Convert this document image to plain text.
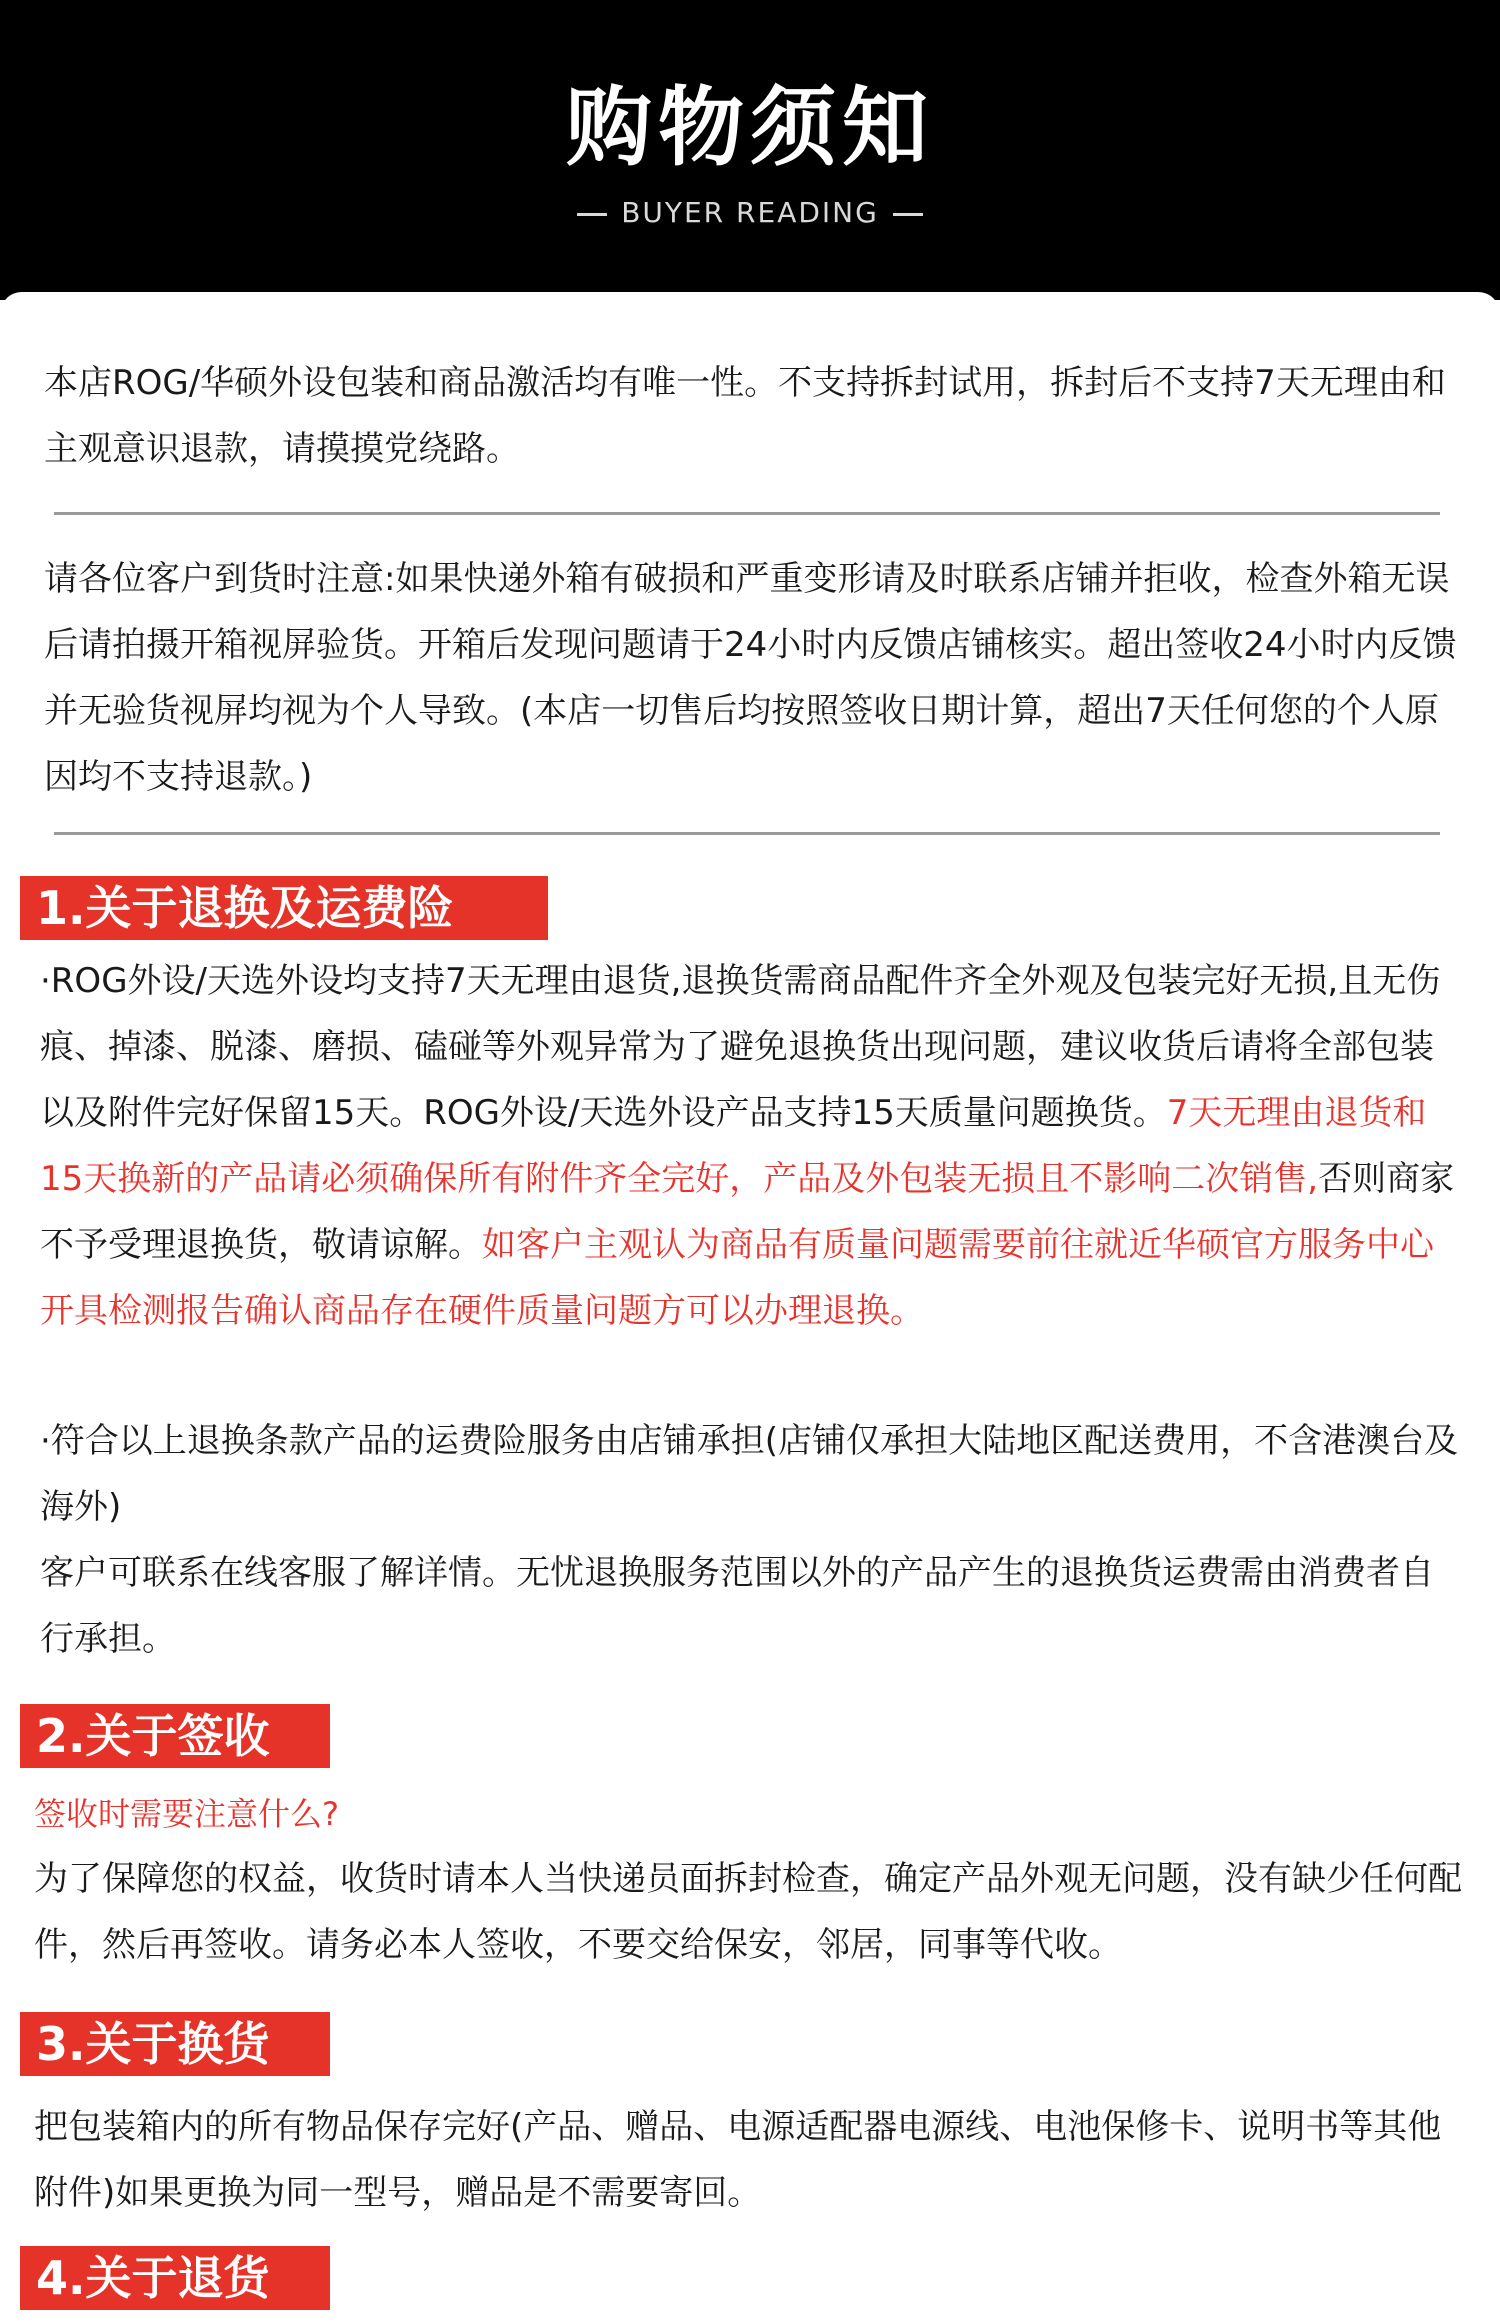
购物须知
BUYER READING

本店ROG/华硕外设包装和商品激活均有唯一性。不支持拆封试用，拆封后不支持7天无理由和主观意识退款，请摸摸党绕路。

请各位客户到货时注意:如果快递外箱有破损和严重变形请及时联系店铺并拒收，检查外箱无误后请拍摄开箱视屏验货。开箱后发现问题请于24小时内反馈店铺核实。超出签收24小时内反馈并无验货视屏均视为个人导致。(本店一切售后均按照签收日期计算，超出7天任何您的个人原因均不支持退款。)

1.关于退换及运费险

·ROG外设/天选外设均支持7天无理由退货,退换货需商品配件齐全外观及包装完好无损,且无伤痕、掉漆、脱漆、磨损、磕碰等外观异常为了避免退换货出现问题，建议收货后请将全部包装以及附件完好保留15天。ROG外设/天选外设产品支持15天质量问题换货。7天无理由退货和15天换新的产品请必须确保所有附件齐全完好，产品及外包装无损且不影响二次销售,否则商家不予受理退换货，敬请谅解。如客户主观认为商品有质量问题需要前往就近华硕官方服务中心开具检测报告确认商品存在硬件质量问题方可以办理退换。

·符合以上退换条款产品的运费险服务由店铺承担(店铺仅承担大陆地区配送费用，不含港澳台及海外)

客户可联系在线客服了解详情。无忧退换服务范围以外的产品产生的退换货运费需由消费者自行承担。

2.关于签收
签收时需要注意什么?

为了保障您的权益，收货时请本人当快递员面拆封检查，确定产品外观无问题，没有缺少任何配件，然后再签收。请务必本人签收，不要交给保安，邻居，同事等代收。

3.关于换货

把包装箱内的所有物品保存完好(产品、赠品、电源适配器电源线、电池保修卡、说明书等其他附件)如果更换为同一型号，赠品是不需要寄回。

4.关于退货
